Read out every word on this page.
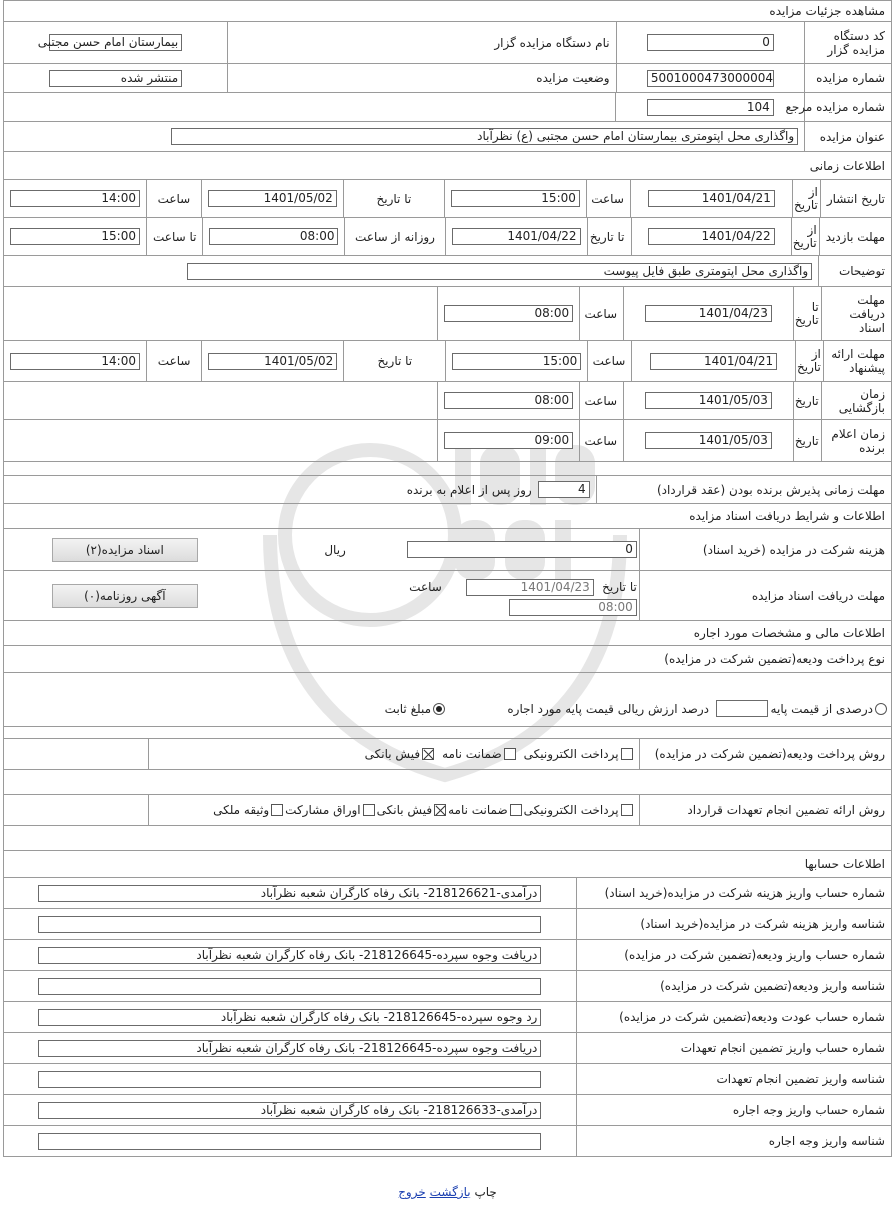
مشاهده جزئیات مزایده
کد دستگاه مزایده گزار
0
نام دستگاه مزایده گزار
بیمارستان امام حسن مجتبی
شماره مزایده
5001000473000004
وضعیت مزایده
منتشر شده
شماره مزایده مرجع
104
عنوان مزایده
واگذاری محل اپتومتری بیمارستان امام حسن مجتبی (ع) نظرآباد
اطلاعات زمانی
تاریخ انتشار
از تاریخ
1401/04/21
ساعت
15:00
تا تاریخ
1401/05/02
ساعت
14:00
مهلت بازدید
از تاریخ
1401/04/22
تا تاریخ
1401/04/22
روزانه از ساعت
08:00
تا ساعت
15:00
توضیحات
واگذاری محل اپتومتری طبق فایل پیوست
مهلت دریافت اسناد
تا تاریخ
1401/04/23
ساعت
08:00
مهلت ارائه پیشنهاد
از تاریخ
1401/04/21
ساعت
15:00
تا تاریخ
1401/05/02
ساعت
14:00
زمان بازگشایی
تاریخ
1401/05/03
ساعت
08:00
زمان اعلام برنده
تاریخ
1401/05/03
ساعت
09:00
مهلت زمانی پذیرش برنده بودن (عقد قرارداد)
4
روز پس از اعلام به برنده
اطلاعات و شرایط دریافت اسناد مزایده
هزینه شرکت در مزایده (خرید اسناد)
0
ریال
اسناد مزایده(۲)
مهلت دریافت اسناد مزایده
تا تاریخ
1401/04/23
ساعت
08:00
آگهی روزنامه(۰)
اطلاعات مالی و مشخصات مورد اجاره
نوع پرداخت ودیعه(تضمین شرکت در مزایده)
درصدی از قیمت پایه
درصد ارزش ریالی قیمت پایه مورد اجاره
مبلغ ثابت
روش پرداخت ودیعه(تضمین شرکت در مزایده)
پرداخت الکترونیکی
ضمانت نامه
فیش بانکی
روش ارائه تضمین انجام تعهدات قرارداد
پرداخت الکترونیکی
ضمانت نامه
فیش بانکی
اوراق مشارکت
وثیقه ملکی
اطلاعات حسابها
شماره حساب واریز هزینه شرکت در مزایده(خرید اسناد)
درآمدی-218126621- بانک رفاه کارگران شعبه نظرآباد
شناسه واریز هزینه شرکت در مزایده(خرید اسناد)
شماره حساب واریز ودیعه(تضمین شرکت در مزایده)
دریافت وجوه سپرده-218126645- بانک رفاه کارگران شعبه نظرآباد
شناسه واریز ودیعه(تضمین شرکت در مزایده)
شماره حساب عودت ودیعه(تضمین شرکت در مزایده)
رد وجوه سپرده-218126645- بانک رفاه کارگران شعبه نظرآباد
شماره حساب واریز تضمین انجام تعهدات
دریافت وجوه سپرده-218126645- بانک رفاه کارگران شعبه نظرآباد
شناسه واریز تضمین انجام تعهدات
شماره حساب واریز وجه اجاره
درآمدی-218126633- بانک رفاه کارگران شعبه نظرآباد
شناسه واریز وجه اجاره
چاپ بازگشت خروج
